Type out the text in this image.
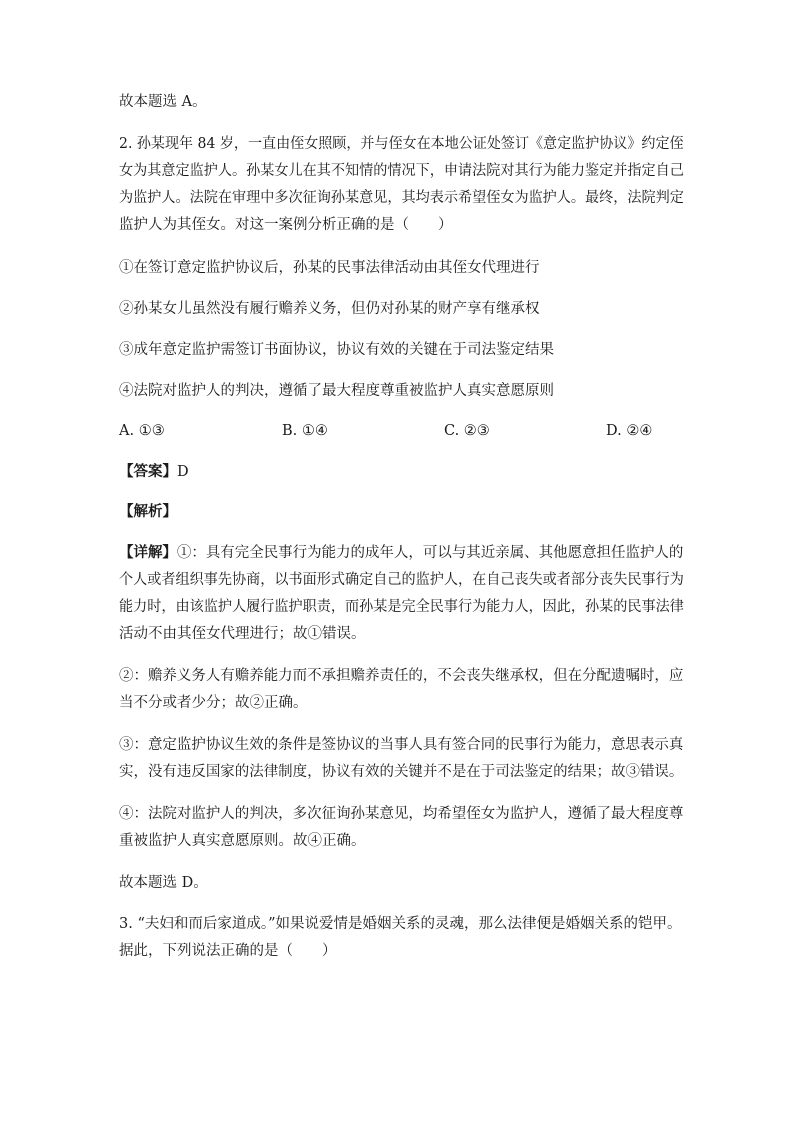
故本题选 A。
2. 孙某现年 84 岁，一直由侄女照顾，并与侄女在本地公证处签订《意定监护协议》约定侄
女为其意定监护人。孙某女儿在其不知情的情况下，申请法院对其行为能力鉴定并指定自己
为监护人。法院在审理中多次征询孙某意见，其均表示希望侄女为监护人。最终，法院判定
监护人为其侄女。对这一案例分析正确的是（　　）
①在签订意定监护协议后，孙某的民事法律活动由其侄女代理进行
②孙某女儿虽然没有履行赡养义务，但仍对孙某的财产享有继承权
③成年意定监护需签订书面协议，协议有效的关键在于司法鉴定结果
④法院对监护人的判决，遵循了最大程度尊重被监护人真实意愿原则
A. ①③	B. ①④	C. ②③	D. ②④
【答案】D
【解析】
【详解】①：具有完全民事行为能力的成年人，可以与其近亲属、其他愿意担任监护人的
个人或者组织事先协商，以书面形式确定自己的监护人，在自己丧失或者部分丧失民事行为
能力时，由该监护人履行监护职责，而孙某是完全民事行为能力人，因此，孙某的民事法律
活动不由其侄女代理进行；故①错误。
②：赡养义务人有赡养能力而不承担赡养责任的，不会丧失继承权，但在分配遗嘱时，应
当不分或者少分；故②正确。
③：意定监护协议生效的条件是签协议的当事人具有签合同的民事行为能力，意思表示真
实，没有违反国家的法律制度，协议有效的关键并不是在于司法鉴定的结果；故③错误。
④：法院对监护人的判决，多次征询孙某意见，均希望侄女为监护人，遵循了最大程度尊
重被监护人真实意愿原则。故④正确。
故本题选 D。
3. “夫妇和而后家道成。”如果说爱情是婚姻关系的灵魂，那么法律便是婚姻关系的铠甲。
据此，下列说法正确的是（　　）
